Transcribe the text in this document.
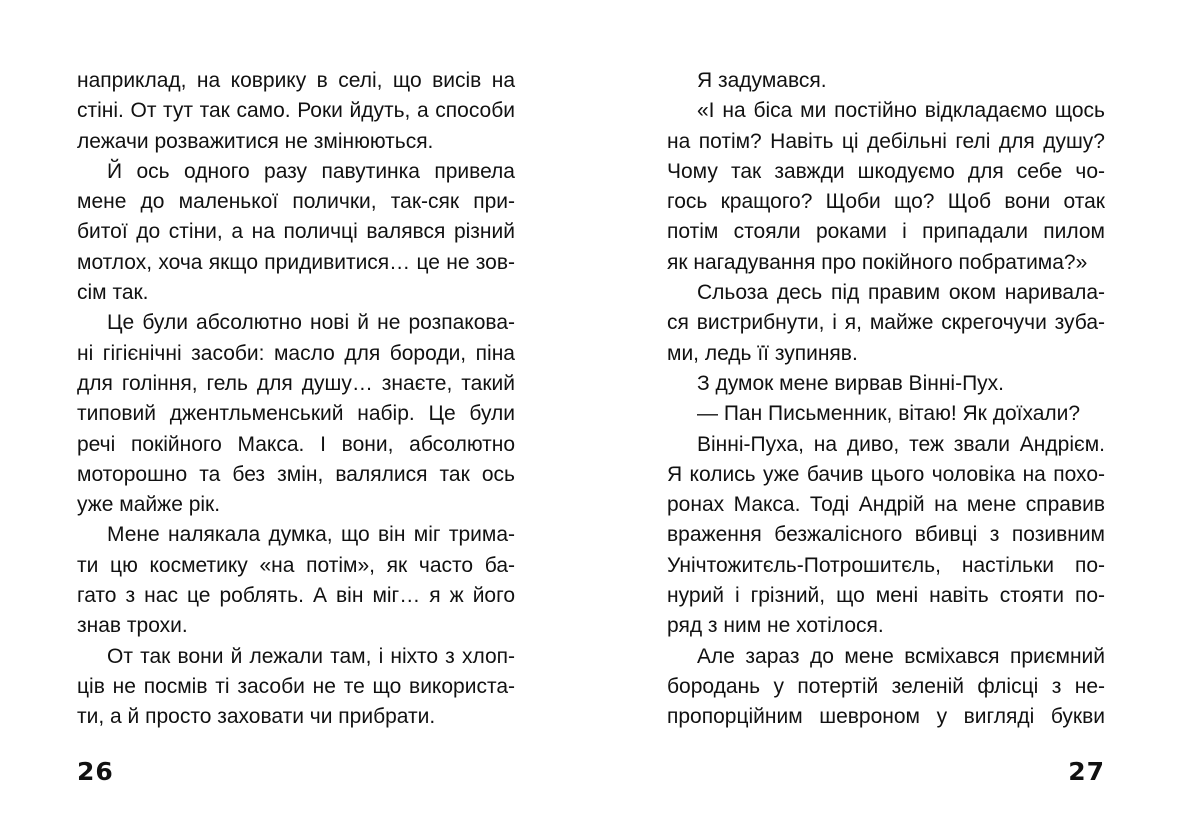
наприклад, на коврику в селі, що висів на
стіні. От тут так само. Роки йдуть, а способи
лежачи розважитися не змінюються.
Й ось одного разу павутинка привела
мене до маленької полички, так-сяк при-
битої до стіни, а на поличці валявся різний
мотлох, хоча якщо придивитися… це не зов-
сім так.
Це були абсолютно нові й не розпакова-
ні гігієнічні засоби: масло для бороди, піна
для гоління, гель для душу… знаєте, такий
типовий джентльменський набір. Це були
речі покійного Макса. І вони, абсолютно
моторошно та без змін, валялися так ось
уже майже рік.
Мене налякала думка, що він міг трима-
ти цю косметику «на потім», як часто ба-
гато з нас це роблять. А він міг… я ж його
знав трохи.
От так вони й лежали там, і ніхто з хлоп-
ців не посмів ті засоби не те що використа-
ти, а й просто заховати чи прибрати.
Я задумався.
«І на біса ми постійно відкладаємо щось
на потім? Навіть ці дебільні гелі для душу?
Чому так завжди шкодуємо для себе чо-
гось кращого? Щоби що? Щоб вони отак
потім стояли роками і припадали пилом
як нагадування про покійного побратима?»
Сльоза десь під правим оком наривала-
ся вистрибнути, і я, майже скрегочучи зуба-
ми, ледь її зупиняв.
З думок мене вирвав Вінні-Пух.
— Пан Письменник, вітаю! Як доїхали?
Вінні-Пуха, на диво, теж звали Андрієм.
Я колись уже бачив цього чоловіка на похо-
ронах Макса. Тоді Андрій на мене справив
враження безжалісного вбивці з позивним
Унічтожитєль-Потрошитєль, настільки по-
нурий і грізний, що мені навіть стояти по-
ряд з ним не хотілося.
Але зараз до мене всміхався приємний
бородань у потертій зеленій флісці з не-
пропорційним шевроном у вигляді букви
26	27
